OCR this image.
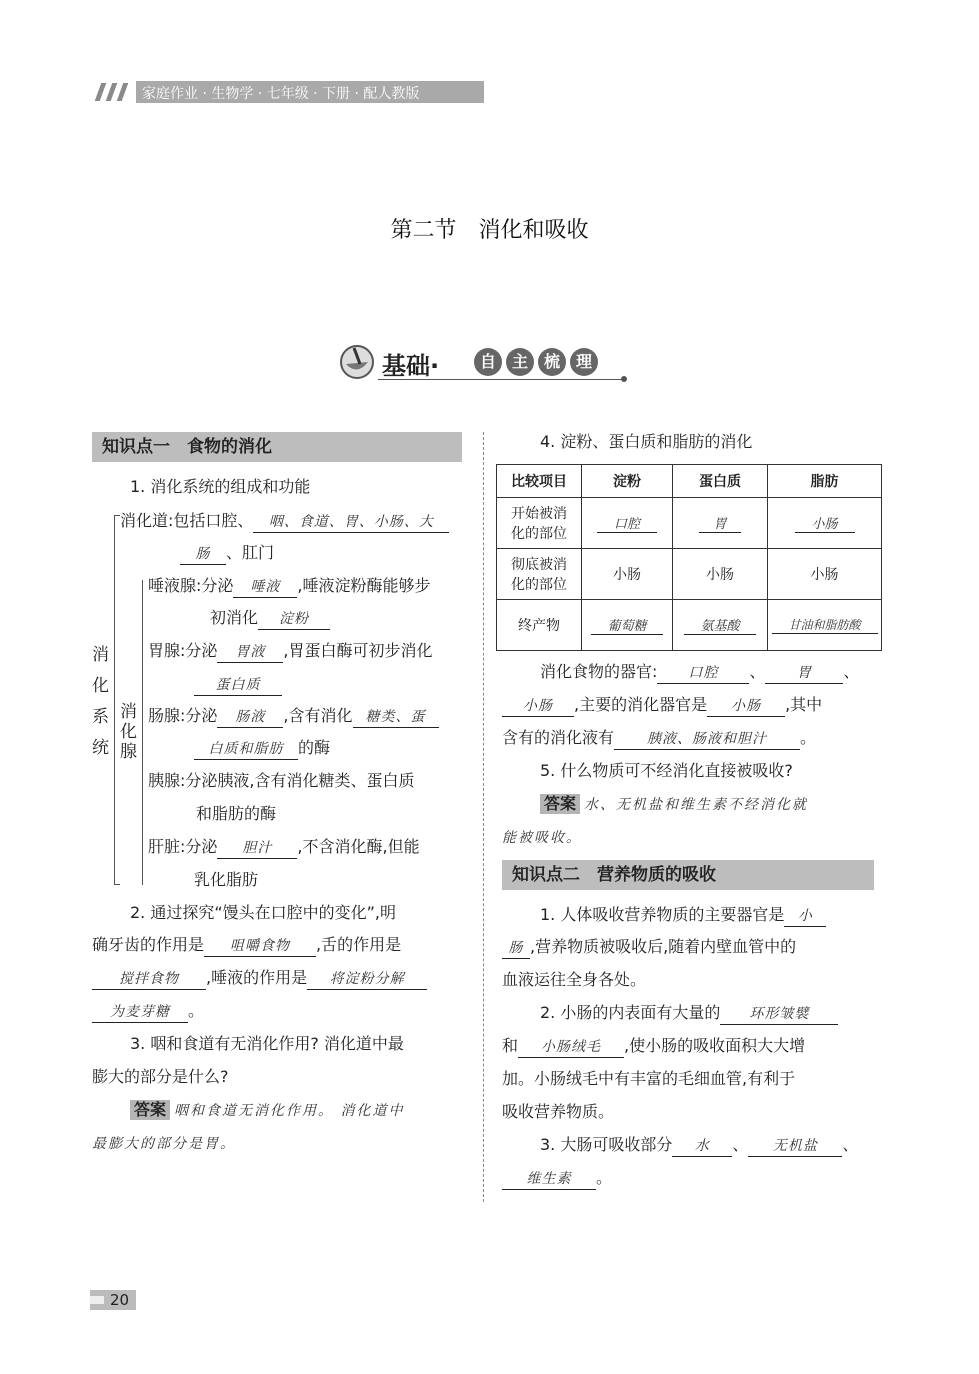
家庭作业 · 生物学 · 七年级 · 下册 · 配人教版
第二节　消化和吸收
基础·	自 主 梳 理
知识点一　食物的消化
1. 消化系统的组成和功能
消
化
系
统
消
化
腺
消化道:包括口腔、 咽、食道、胃、小肠、大
肠 、肛门
唾液腺:分泌 唾液 ,唾液淀粉酶能够步
初消化 淀粉
胃腺:分泌 胃液 ,胃蛋白酶可初步消化
蛋白质
肠腺:分泌 肠液 ,含有消化 糖类、蛋
白质和脂肪 的酶
胰腺:分泌胰液,含有消化糖类、蛋白质
和脂肪的酶
肝脏:分泌 胆汁 ,不含消化酶,但能
乳化脂肪
2. 通过探究“馒头在口腔中的变化”,明
确牙齿的作用是 咀嚼食物 ,舌的作用是
搅拌食物 ,唾液的作用是 将淀粉分解
为麦芽糖 。
3. 咽和食道有无消化作用? 消化道中最
膨大的部分是什么?
答案 咽和食道无消化作用。 消化道中
最膨大的部分是胃。
4. 淀粉、蛋白质和脂肪的消化
比较项目	淀粉	蛋白质	脂肪

开始被消
化的部位	口腔	胃	小肠

彻底被消
化的部位	小肠	小肠	小肠
终产物	葡萄糖	氨基酸	甘油和脂肪酸
消化食物的器官: 口腔 、 胃 、
小肠 ,主要的消化器官是 小肠 ,其中
含有的消化液有 胰液、肠液和胆汁 。
5. 什么物质可不经消化直接被吸收?
答案 水、无机盐和维生素不经消化就
能被吸收。
知识点二　营养物质的吸收
1. 人体吸收营养物质的主要器官是 小
肠 ,营养物质被吸收后,随着内壁血管中的
血液运往全身各处。
2. 小肠的内表面有大量的 环形皱襞
和 小肠绒毛 ,使小肠的吸收面积大大增
加。小肠绒毛中有丰富的毛细血管,有利于
吸收营养物质。
3. 大肠可吸收部分 水 、 无机盐 、
维生素 。
20
